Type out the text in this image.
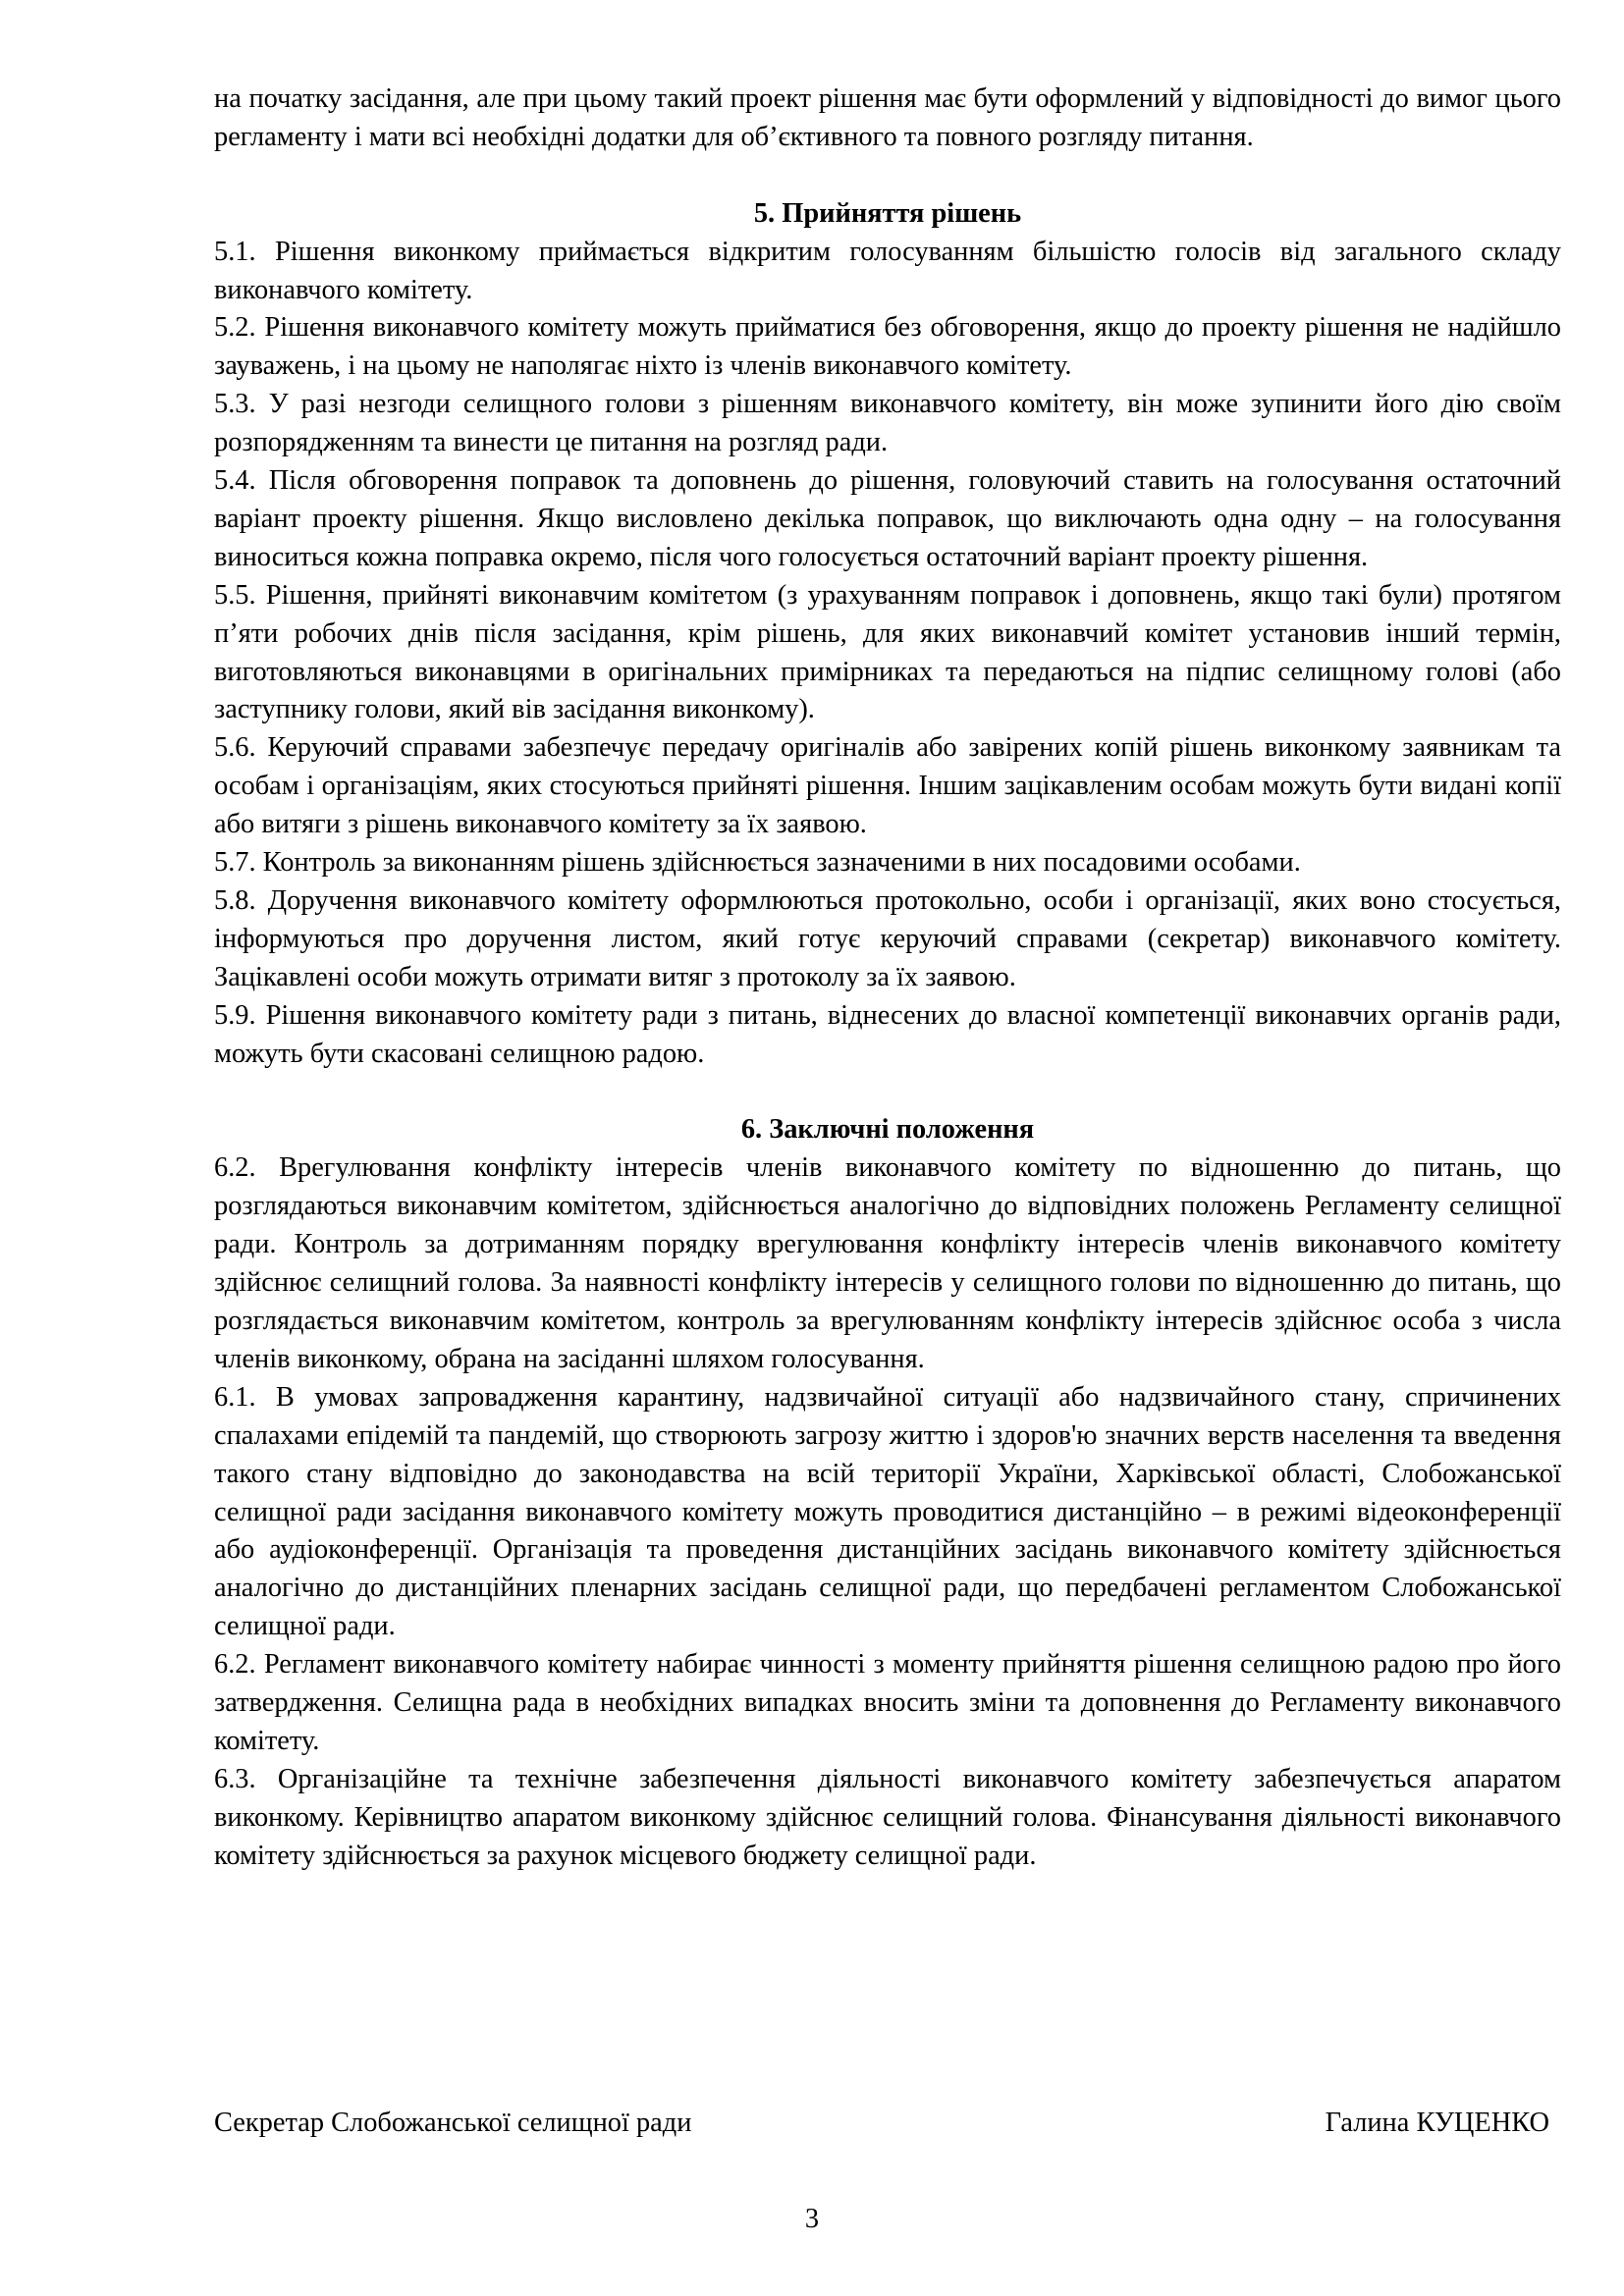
на початку засідання, але при цьому такий проект рішення має бути оформлений у відповідності до вимог цього регламенту і мати всі необхідні додатки для об’єктивного та повного розгляду питання.

5. Прийняття рішень

5.1. Рішення виконкому приймається відкритим голосуванням більшістю голосів від загального складу виконавчого комітету.

5.2. Рішення виконавчого комітету можуть прийматися без обговорення, якщо до проекту рішення не надійшло зауважень, і на цьому не наполягає ніхто із членів виконавчого комітету.

5.3. У разі незгоди селищного голови з рішенням виконавчого комітету, він може зупинити його дію своїм розпорядженням та винести це питання на розгляд ради.

5.4. Після обговорення поправок та доповнень до рішення, головуючий ставить на голосування остаточний варіант проекту рішення. Якщо висловлено декілька поправок, що виключають одна одну – на голосування виноситься кожна поправка окремо, після чого голосується остаточний варіант проекту рішення.

5.5. Рішення, прийняті виконавчим комітетом (з урахуванням поправок і доповнень, якщо такі були) протягом п’яти робочих днів після засідання, крім рішень, для яких виконавчий комітет установив інший термін, виготовляються виконавцями в оригінальних примірниках та передаються на підпис селищному голові (або заступнику голови, який вів засідання виконкому).

5.6. Керуючий справами забезпечує передачу оригіналів або завірених копій рішень виконкому заявникам та особам і організаціям, яких стосуються прийняті рішення. Іншим зацікавленим особам можуть бути видані копії або витяги з рішень виконавчого комітету за їх заявою.

5.7. Контроль за виконанням рішень здійснюється зазначеними в них посадовими особами.

5.8. Доручення виконавчого комітету оформлюються протокольно, особи і організації, яких воно стосується, інформуються про доручення листом, який готує керуючий справами (секретар) виконавчого комітету. Зацікавлені особи можуть отримати витяг з протоколу за їх заявою.

5.9. Рішення виконавчого комітету ради з питань, віднесених до власної компетенції виконавчих органів ради, можуть бути скасовані селищною радою.

6. Заключні положення

6.2. Врегулювання конфлікту інтересів членів виконавчого комітету по відношенню до питань, що розглядаються виконавчим комітетом, здійснюється аналогічно до відповідних положень Регламенту селищної ради. Контроль за дотриманням порядку врегулювання конфлікту інтересів членів виконавчого комітету здійснює селищний голова. За наявності конфлікту інтересів у селищного голови по відношенню до питань, що розглядається виконавчим комітетом, контроль за врегулюванням конфлікту інтересів здійснює особа з числа членів виконкому, обрана на засіданні шляхом голосування.

6.1. В умовах запровадження карантину, надзвичайної ситуації або надзвичайного стану, спричинених спалахами епідемій та пандемій, що створюють загрозу життю і здоров'ю значних верств населення та введення такого стану відповідно до законодавства на всій території України, Харківської області, Слобожанської селищної ради засідання виконавчого комітету можуть проводитися дистанційно – в режимі відеоконференції або аудіоконференції. Організація та проведення дистанційних засідань виконавчого комітету здійснюється аналогічно до дистанційних пленарних засідань селищної ради, що передбачені регламентом Слобожанської селищної ради.

6.2. Регламент виконавчого комітету набирає чинності з моменту прийняття рішення селищною радою про його затвердження. Селищна рада в необхідних випадках вносить зміни та доповнення до Регламенту виконавчого комітету.

6.3. Організаційне та технічне забезпечення діяльності виконавчого комітету забезпечується апаратом виконкому. Керівництво апаратом виконкому здійснює селищний голова. Фінансування діяльності виконавчого комітету здійснюється за рахунок місцевого бюджету селищної ради.

Секретар Слобожанської селищної ради	Галина КУЦЕНКО
3
